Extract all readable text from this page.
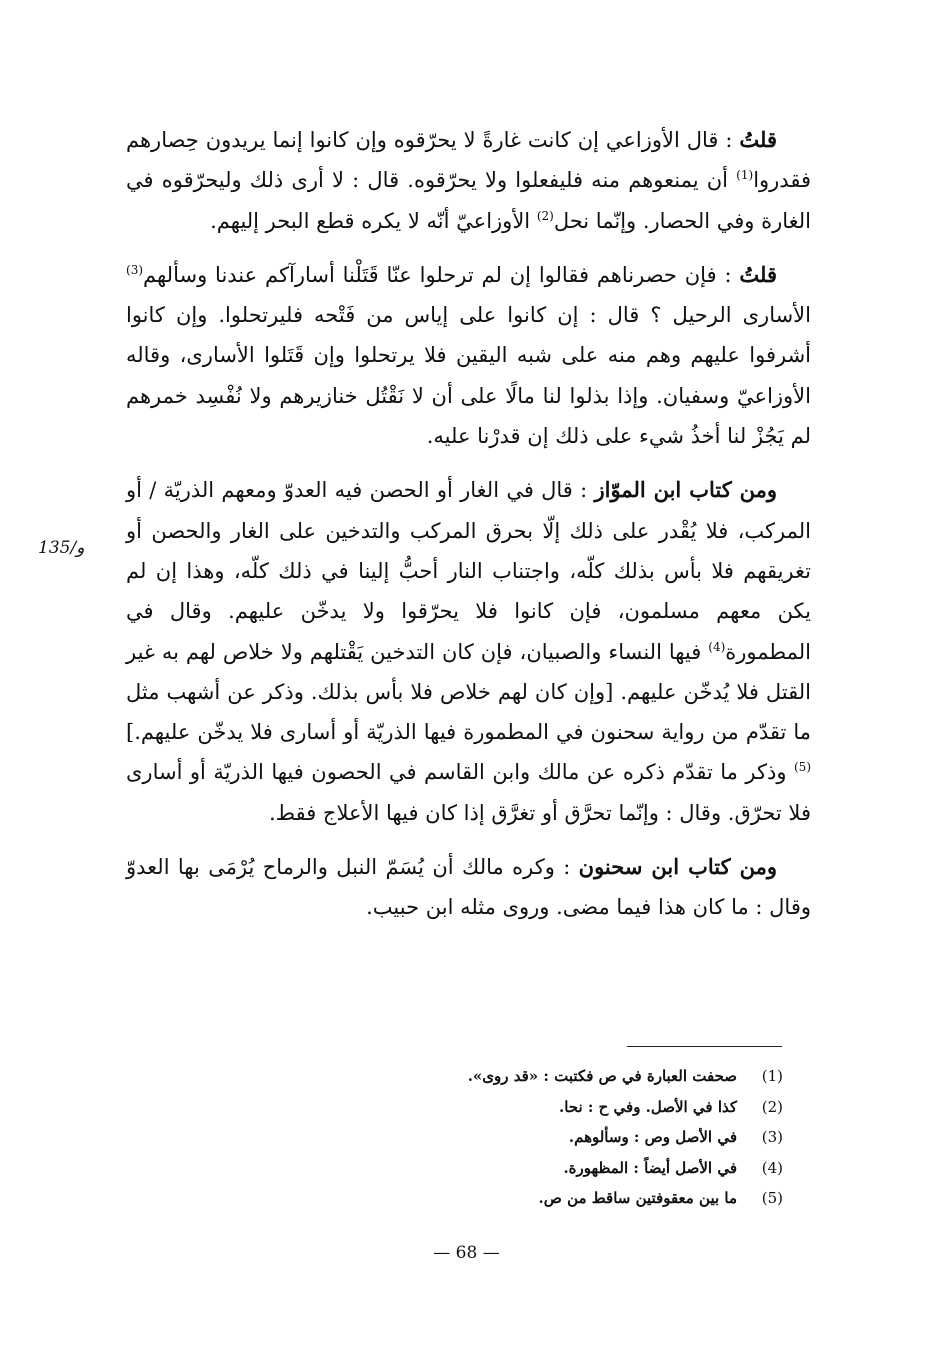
قلتُ : قال الأوزاعي إن كانت غارةً لا يحرّقوه وإن كانوا إنما يريدون حِصارهم فقدروا$^{(1)}$ أن يمنعوهم منه فليفعلوا ولا يحرّقوه. قال : لا أرى ذلك وليحرّقوه في الغارة وفي الحصار. وإنّما نحل$^{(2)}$ الأوزاعيّ أنّه لا يكره قطع البحر إليهم.

قلتُ : فإن حصرناهم فقالوا إن لم ترحلوا عنّا قَتَلْنا أسارآكم عندنا وسألهم$^{(3)}$ الأسارى الرحيل ؟ قال : إن كانوا على إياس من فَتْحه فليرتحلوا. وإن كانوا أشرفوا عليهم وهم منه على شبه اليقين فلا يرتحلوا وإن قَتَلوا الأسارى، وقاله الأوزاعيّ وسفيان. وإذا بذلوا لنا مالًا على أن لا نَقْتُل خنازيرهم ولا نُفْسِد خمرهم لم يَجُزْ لنا أخذُ شيء على ذلك إن قدرْنا عليه.

ومن كتاب ابن الموّاز : قال في الغار أو الحصن فيه العدوّ ومعهم الذريّة / أو المركب، فلا يُقْدر على ذلك إلّا بحرق المركب والتدخين على الغار والحصن أو تغريقهم فلا بأس بذلك كلّه، واجتناب النار أحبُّ إلينا في ذلك كلّه، وهذا إن لم يكن معهم مسلمون، فإن كانوا فلا يحرّقوا ولا يدخّن عليهم. وقال في المطمورة$^{(4)}$ فيها النساء والصبيان، فإن كان التدخين يَقْتلهم ولا خلاص لهم به غير القتل فلا يُدخّن عليهم. [وإن كان لهم خلاص فلا بأس بذلك. وذكر عن أشهب مثل ما تقدّم من رواية سحنون في المطمورة فيها الذريّة أو أسارى فلا يدخّن عليهم.]$^{(5)}$ وذكر ما تقدّم ذكره عن مالك وابن القاسم في الحصون فيها الذريّة أو أسارى فلا تحرّق. وقال : وإنّما تحرَّق أو تغرَّق إذا كان فيها الأعلاج فقط.

ومن كتاب ابن سحنون : وكره مالك أن يُسَمّ النبل والرماح يُرْمَى بها العدوّ وقال : ما كان هذا فيما مضى. وروى مثله ابن حبيب.

135/و
(1)
صحفت العبارة في ص فكتبت : «قد روى».
(2)
كذا في الأصل. وفي ح : نحا.
(3)
في الأصل وص : وسألوهم.
(4)
في الأصل أيضاً : المظهورة.
(5)
ما بين معقوفتين ساقط من ص.
— 68 —
